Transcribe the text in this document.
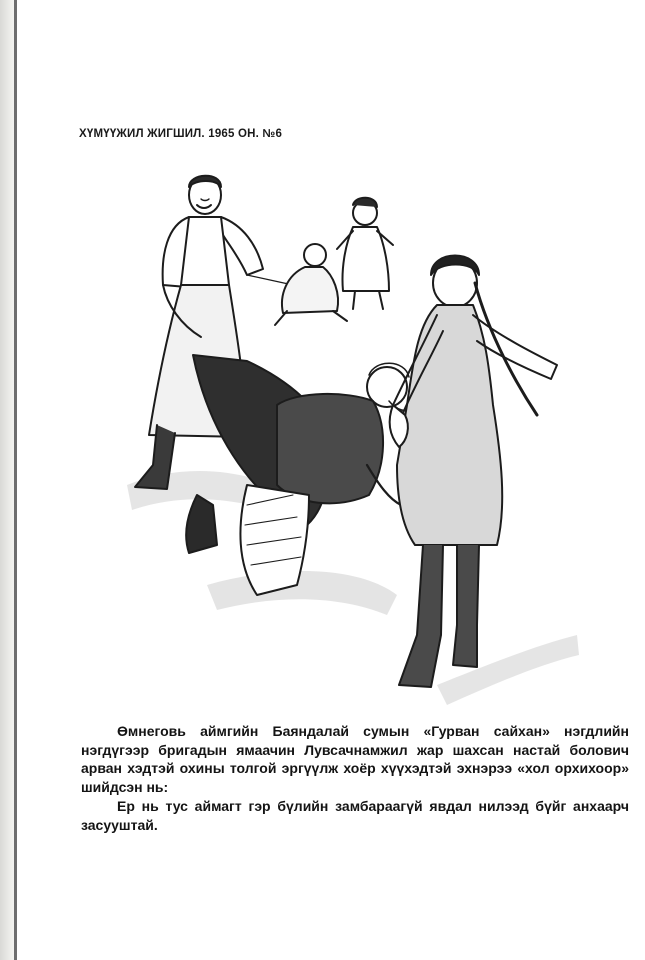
ХҮМҮҮЖИЛ ЖИГШИЛ. 1965 ОН. №6

Өмнеговь аймгийн Баяндалай сумын «Гурван сайхан» нэгдлийн нэгдүгээр бригадын ямаачин Лувсачнамжил жар шахсан настай болович арван хэдтэй охины толгой эргүүлж хоёр хүүхэдтэй эхнэрээ «хол орхихоор» шийдсэн нь:

Ер нь тус аймагт гэр бүлийн замбараагүй явдал нилээд бүйг анхаарч засууштай.
